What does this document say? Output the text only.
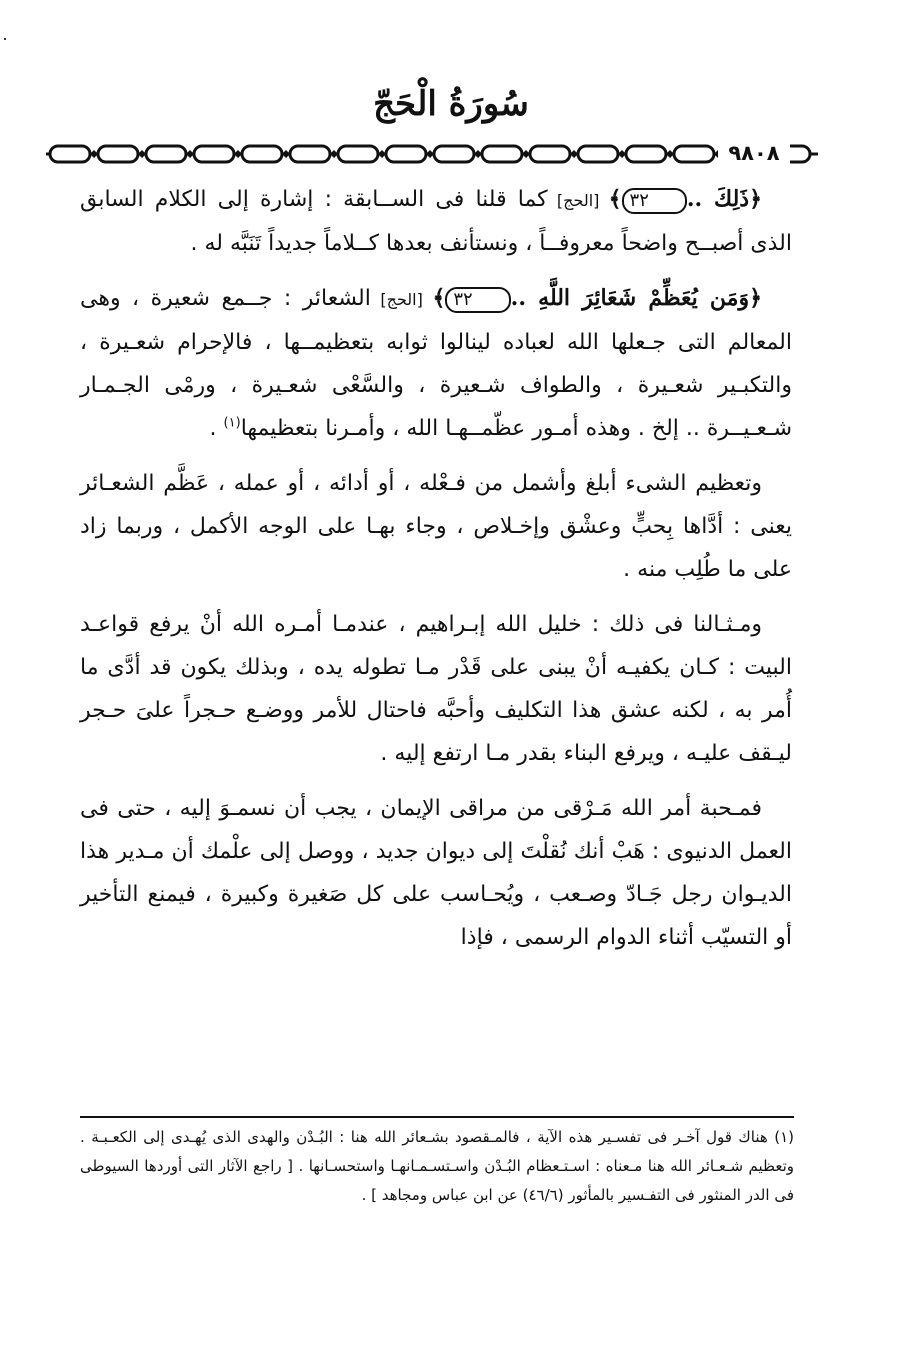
سُورَةُ الْحَجّ
٩٨٠٨

﴿ذَلِكَ ..٣٢﴾ [الحج] كما قلنا فى الســابقة : إشارة إلى الكلام السابق الذى أصبــح واضحاً معروفــاً ، ونستأنف بعدها كــلاماً جديداً تَنَبَّه له .

﴿وَمَن يُعَظِّمْ شَعَائِرَ اللَّهِ ..٣٢﴾ [الحج] الشعائر : جــمع شعيرة ، وهى المعالم التى جـعلها الله لعباده لينالوا ثوابه بتعظيمــها ، فالإحرام شعـيرة ، والتكبـير شعـيرة ، والطواف شـعيرة ، والسَّعْى شعـيرة ، ورمْى الجـمـار شـعـيــرة .. إلخ . وهذه أمـور عظّمــهـا الله ، وأمـرنا بتعظيمها$^{(١)}$ .

وتعظيم الشىء أبلغ وأشمل من فـعْله ، أو أدائه ، أو عمله ، عَظَّم الشعـائر يعنى : أدَّاها بِحبٍّ وعشْق وإخـلاص ، وجاء بهـا على الوجه الأكمل ، وربما زاد على ما طُلِب منه .

ومـثـالنا فى ذلك : خليل الله إبـراهيم ، عندمـا أمـره الله أنْ يرفع قواعـد البيت : كـان يكفيـه أنْ يبنى على قَدْر مـا تطوله يده ، وبذلك يكون قد أدَّى ما أُمر به ، لكنه عشق هذا التكليف وأحبَّه فاحتال للأمر ووضـع حـجراً علىَ حـجر ليـقف عليـه ، ويرفع البناء بقدر مـا ارتفع إليه .

فمـحبة أمر الله مَـرْقى من مراقى الإيمان ، يجب أن نسمـوَ إليه ، حتى فى العمل الدنيوى : هَبْ أنك نُقلْتَ إلى ديوان جديد ، ووصل إلى علْمك أن مـدير هذا الديـوان رجل جَـادّ وصـعب ، ويُحـاسب على كل صَغيرة وكبيرة ، فيمنع التأخير أو التسيّب أثناء الدوام الرسمى ، فإذا

(١) هناك قول آخـر فى تفسـير هذه الآية ، فالمـقصود بشـعائر الله هنا : البُـدْن والهدى الذى يُهـدى إلى الكعـبـة . وتعظيم شـعـائر الله هنا مـعناه : اسـتـعظام البُـدْن واسـتسـمـانهـا واستحسـانها . [ راجع الآثار التى أوردها السيوطى فى الدر المنثور فى التفـسير بالمأثور (٤٦/٦) عن ابن عباس ومجاهد ] .
